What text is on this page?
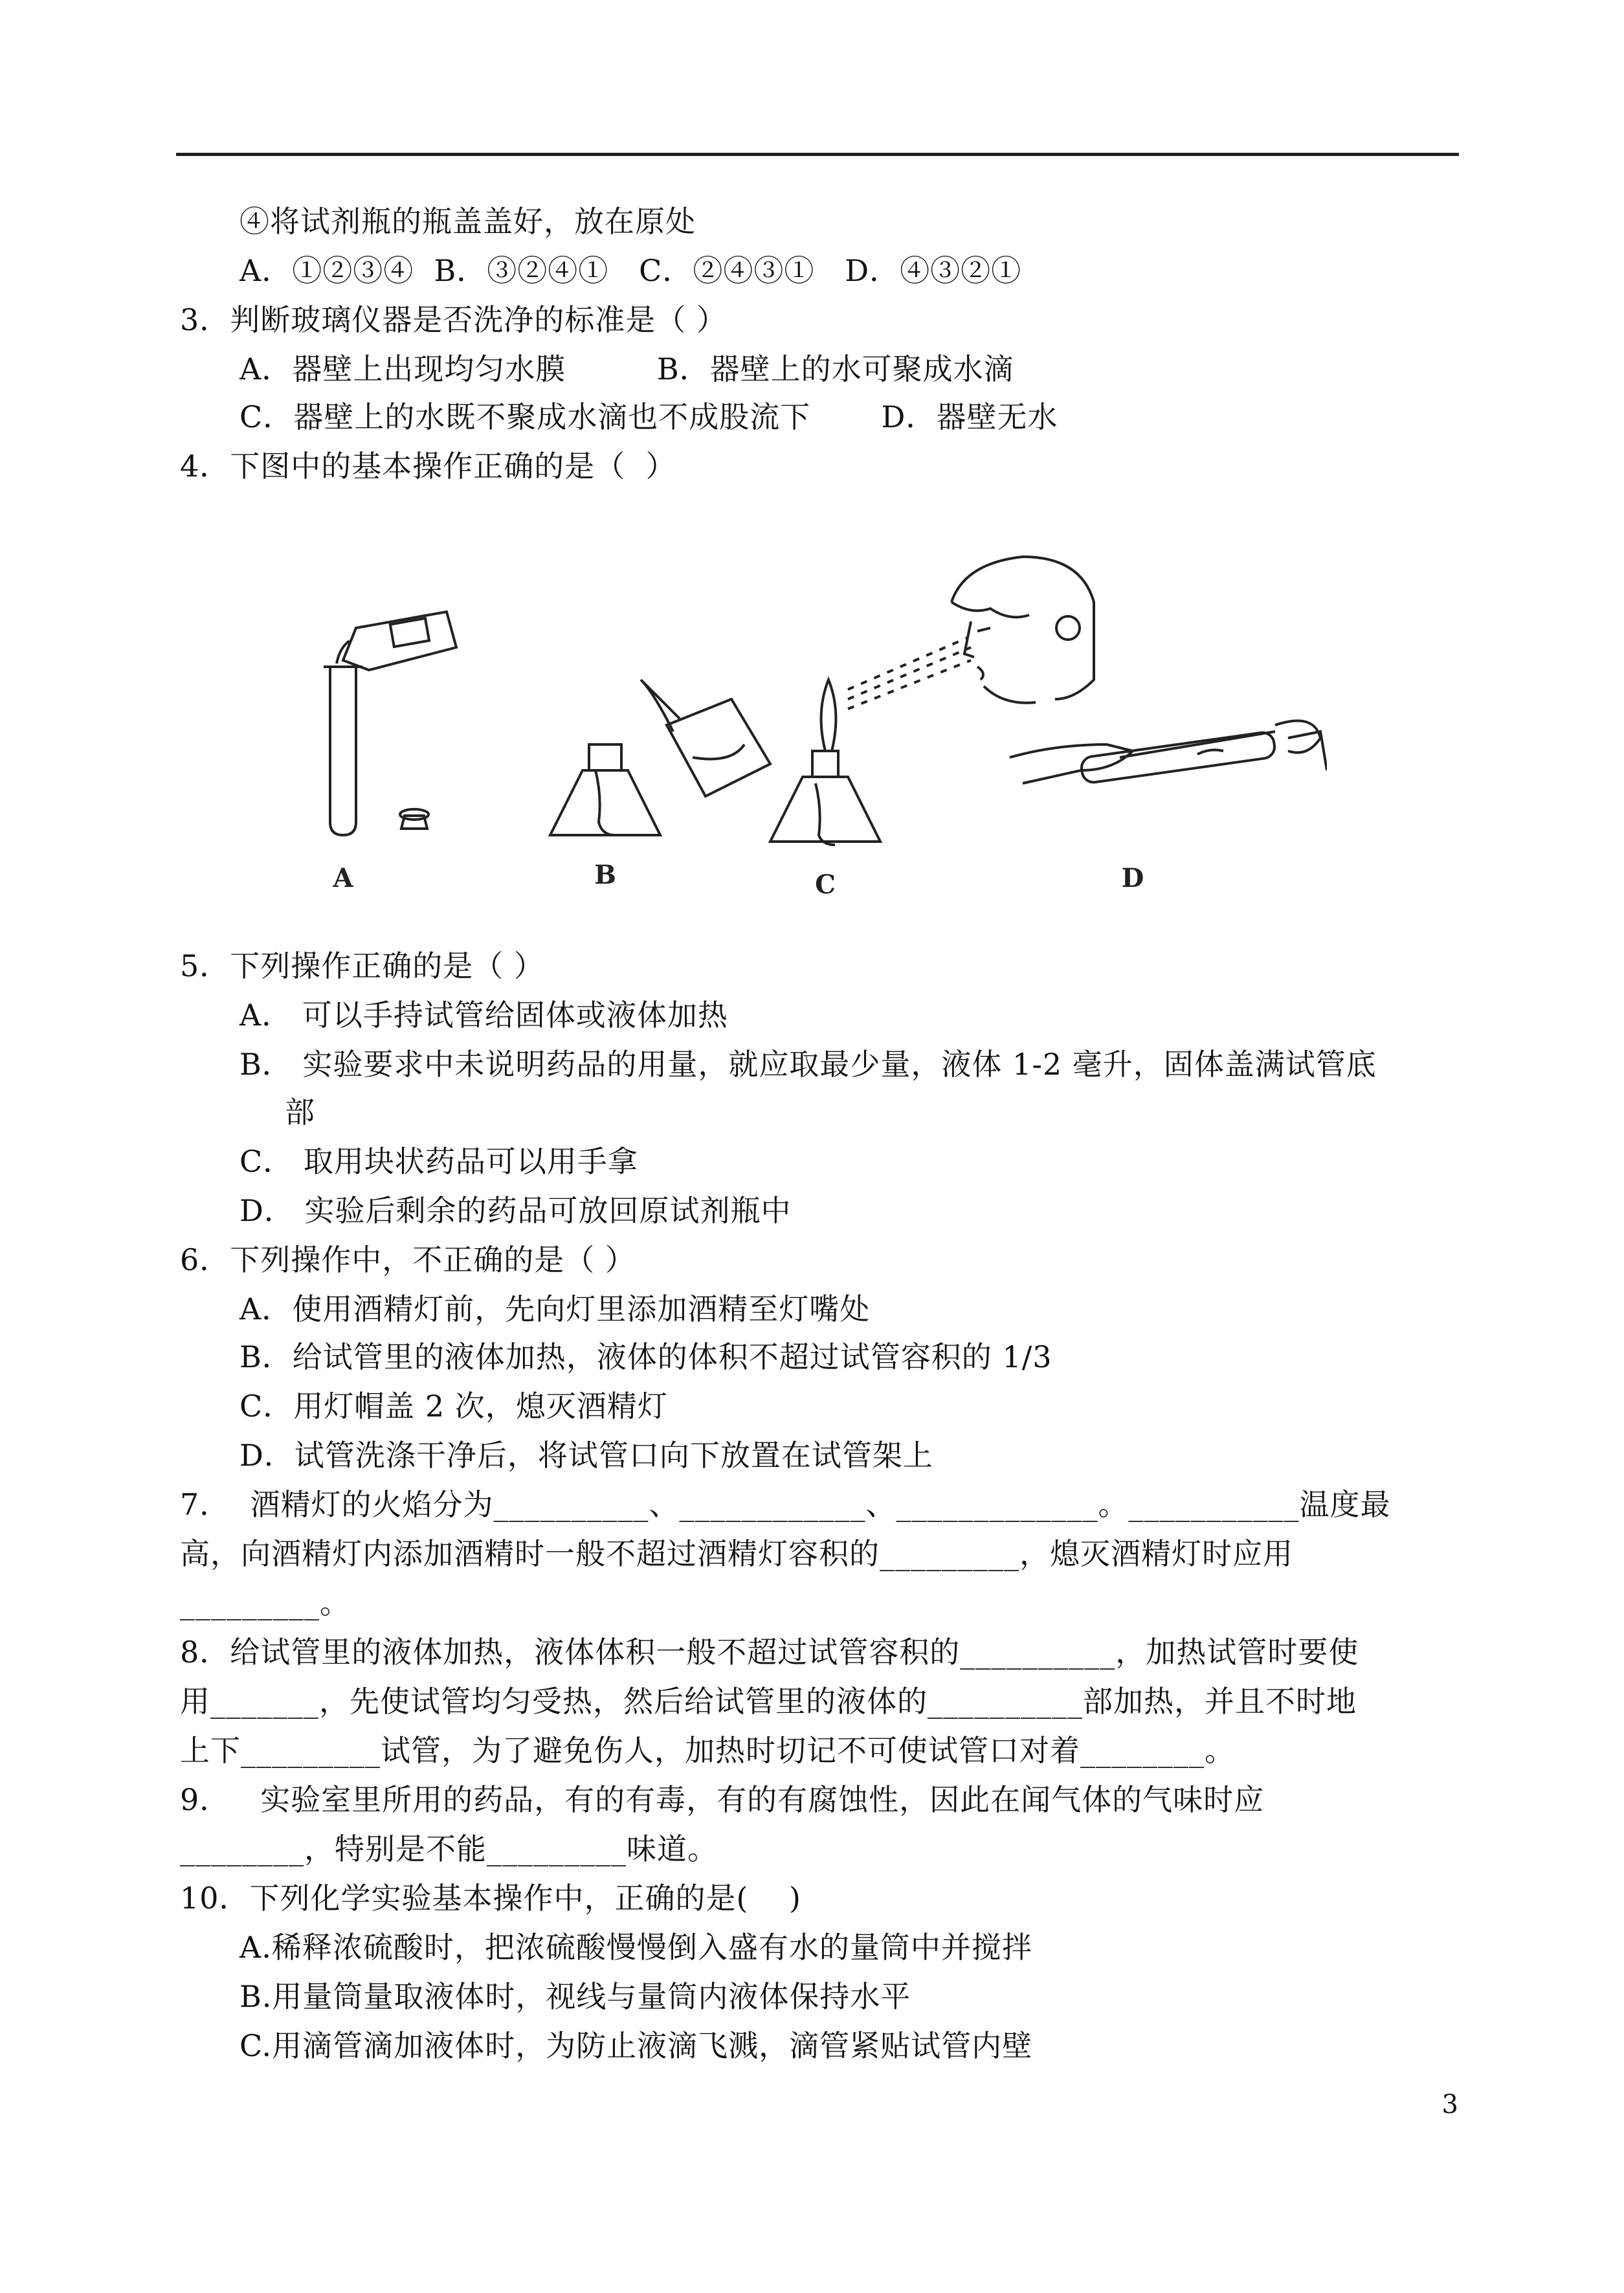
④将试剂瓶的瓶盖盖好，放在原处
A．①②③④  B．③②④①   C．②④③①   D．④③②①
3．判断玻璃仪器是否洗净的标准是（ ）
A．器壁上出现均匀水膜         B．器壁上的水可聚成水滴
C．器壁上的水既不聚成水滴也不成股流下       D．器壁无水
4．下图中的基本操作正确的是（  ）
A	B	C	D
5．下列操作正确的是（ ）
A． 可以手持试管给固体或液体加热
B． 实验要求中未说明药品的用量，就应取最少量，液体 1-2 毫升，固体盖满试管底
部
C． 取用块状药品可以用手拿
D． 实验后剩余的药品可放回原试剂瓶中
6．下列操作中，不正确的是（ ）
A．使用酒精灯前，先向灯里添加酒精至灯嘴处
B．给试管里的液体加热，液体的体积不超过试管容积的 1/3
C．用灯帽盖 2 次，熄灭酒精灯
D．试管洗涤干净后，将试管口向下放置在试管架上
7．  酒精灯的火焰分为__________、____________、_____________。___________温度最
高，向酒精灯内添加酒精时一般不超过酒精灯容积的_________，熄灭酒精灯时应用
_________。
8．给试管里的液体加热，液体体积一般不超过试管容积的__________，加热试管时要使
用_______，先使试管均匀受热，然后给试管里的液体的__________部加热，并且不时地
上下_________试管，为了避免伤人，加热时切记不可使试管口对着________。
9．   实验室里所用的药品，有的有毒，有的有腐蚀性，因此在闻气体的气味时应
________，特别是不能_________味道。
10．下列化学实验基本操作中，正确的是(    )
A.稀释浓硫酸时，把浓硫酸慢慢倒入盛有水的量筒中并搅拌
B.用量筒量取液体时，视线与量筒内液体保持水平
C.用滴管滴加液体时，为防止液滴飞溅，滴管紧贴试管内壁
3
